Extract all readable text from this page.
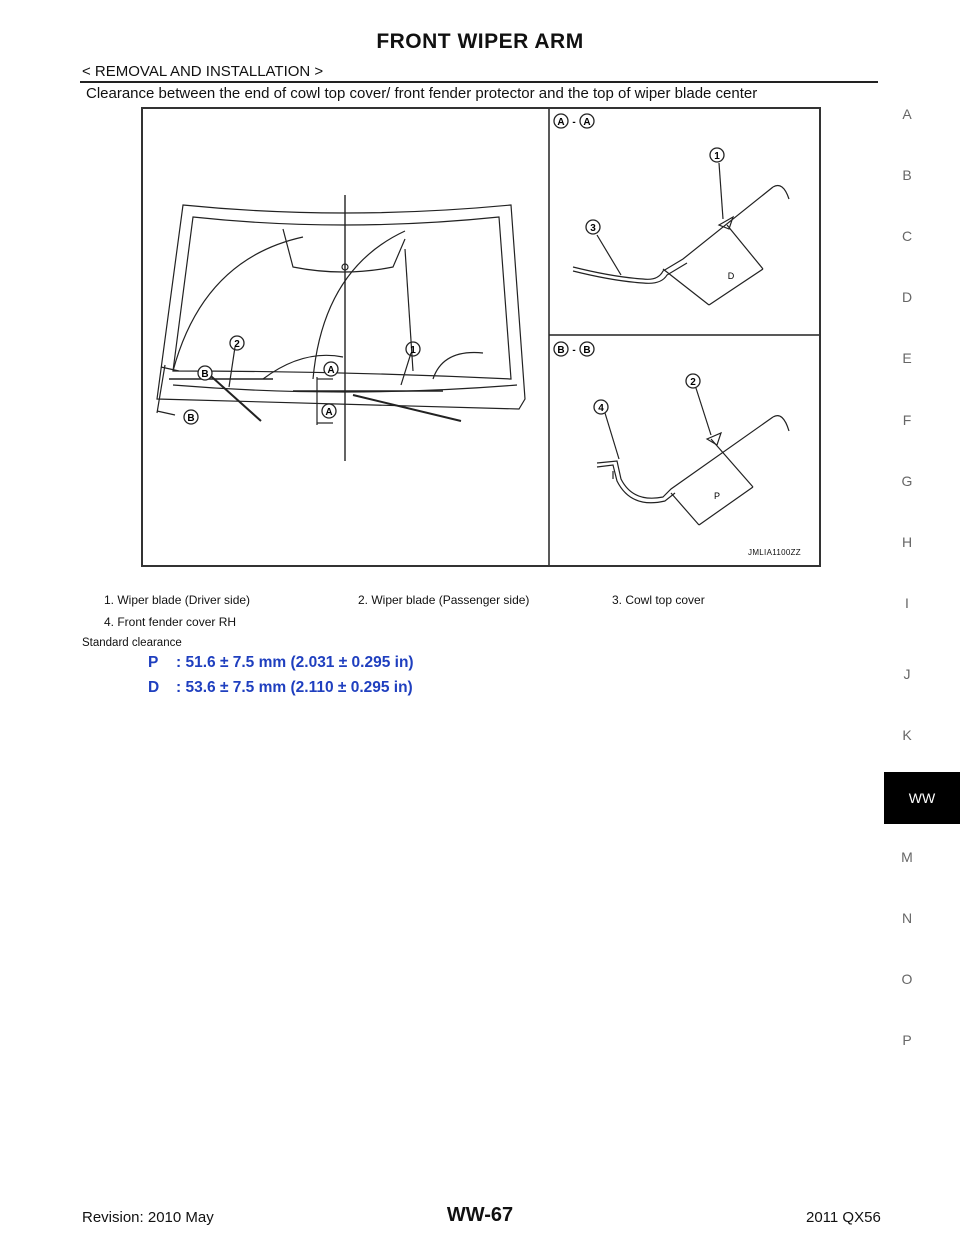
FRONT WIPER ARM
< REMOVAL AND INSTALLATION >
Clearance between the end of cowl top cover/ front fender protector and the top of wiper blade center
2
1
B
B
A
A
A - A
1
3
D
B - B
2
4
P
JMLIA1100ZZ
1. Wiper blade (Driver side)	2. Wiper blade (Passenger side)	3. Cowl top cover
4. Front fender cover RH
Standard clearance
P : 51.6 ± 7.5 mm (2.031 ± 0.295 in)
D : 53.6 ± 7.5 mm (2.110 ± 0.295 in)
A
B
C
D
E
F
G
H
I
J
K
WW
M
N
O
P
Revision: 2010 May	WW-67	2011 QX56
